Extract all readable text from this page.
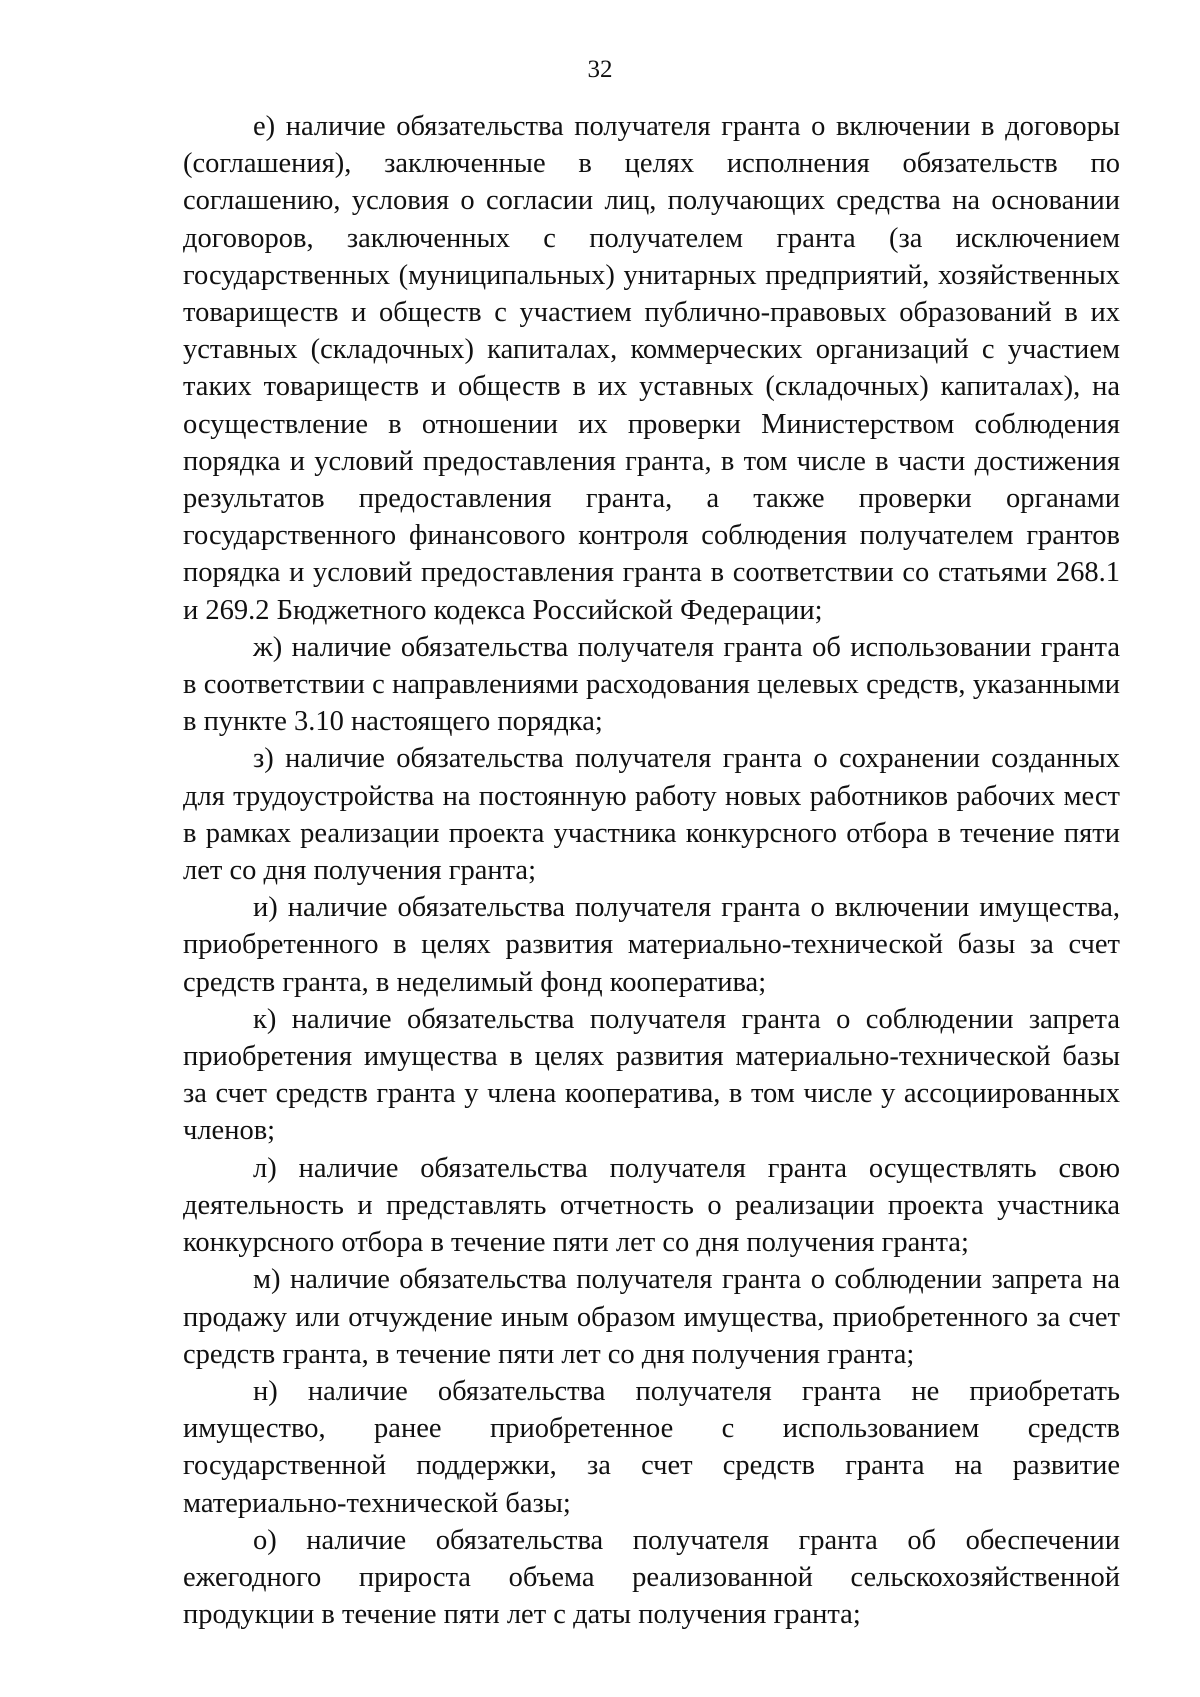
32

е) наличие обязательства получателя гранта о включении в договоры (соглашения), заключенные в целях исполнения обязательств по соглашению, условия о согласии лиц, получающих средства на основании договоров, заключенных с получателем гранта (за исключением государственных (муниципальных) унитарных предприятий, хозяйственных товариществ и обществ с участием публично-правовых образований в их уставных (складочных) капиталах, коммерческих организаций с участием таких товариществ и обществ в их уставных (складочных) капиталах), на осуществление в отношении их проверки Министерством соблюдения порядка и условий предоставления гранта, в том числе в части достижения результатов предоставления гранта, а также проверки органами государственного финансового контроля соблюдения получателем грантов порядка и условий предоставления гранта в соответствии со статьями 268.1 и 269.2 Бюджетного кодекса Российской Федерации;

ж) наличие обязательства получателя гранта об использовании гранта в соответствии с направлениями расходования целевых средств, указанными в пункте 3.10 настоящего порядка;

з) наличие обязательства получателя гранта о сохранении созданных для трудоустройства на постоянную работу новых работников рабочих мест в рамках реализации проекта участника конкурсного отбора в течение пяти лет со дня получения гранта;

и) наличие обязательства получателя гранта о включении имущества, приобретенного в целях развития материально-технической базы за счет средств гранта, в неделимый фонд кооператива;

к) наличие обязательства получателя гранта о соблюдении запрета приобретения имущества в целях развития материально-технической базы за счет средств гранта у члена кооператива, в том числе у ассоциированных членов;

л) наличие обязательства получателя гранта осуществлять свою деятельность и представлять отчетность о реализации проекта участника конкурсного отбора в течение пяти лет со дня получения гранта;

м) наличие обязательства получателя гранта о соблюдении запрета на продажу или отчуждение иным образом имущества, приобретенного за счет средств гранта, в течение пяти лет со дня получения гранта;

н) наличие обязательства получателя гранта не приобретать имущество, ранее приобретенное с использованием средств государственной поддержки, за счет средств гранта на развитие материально-технической базы;

о) наличие обязательства получателя гранта об обеспечении ежегодного прироста объема реализованной сельскохозяйственной продукции в течение пяти лет с даты получения гранта;
